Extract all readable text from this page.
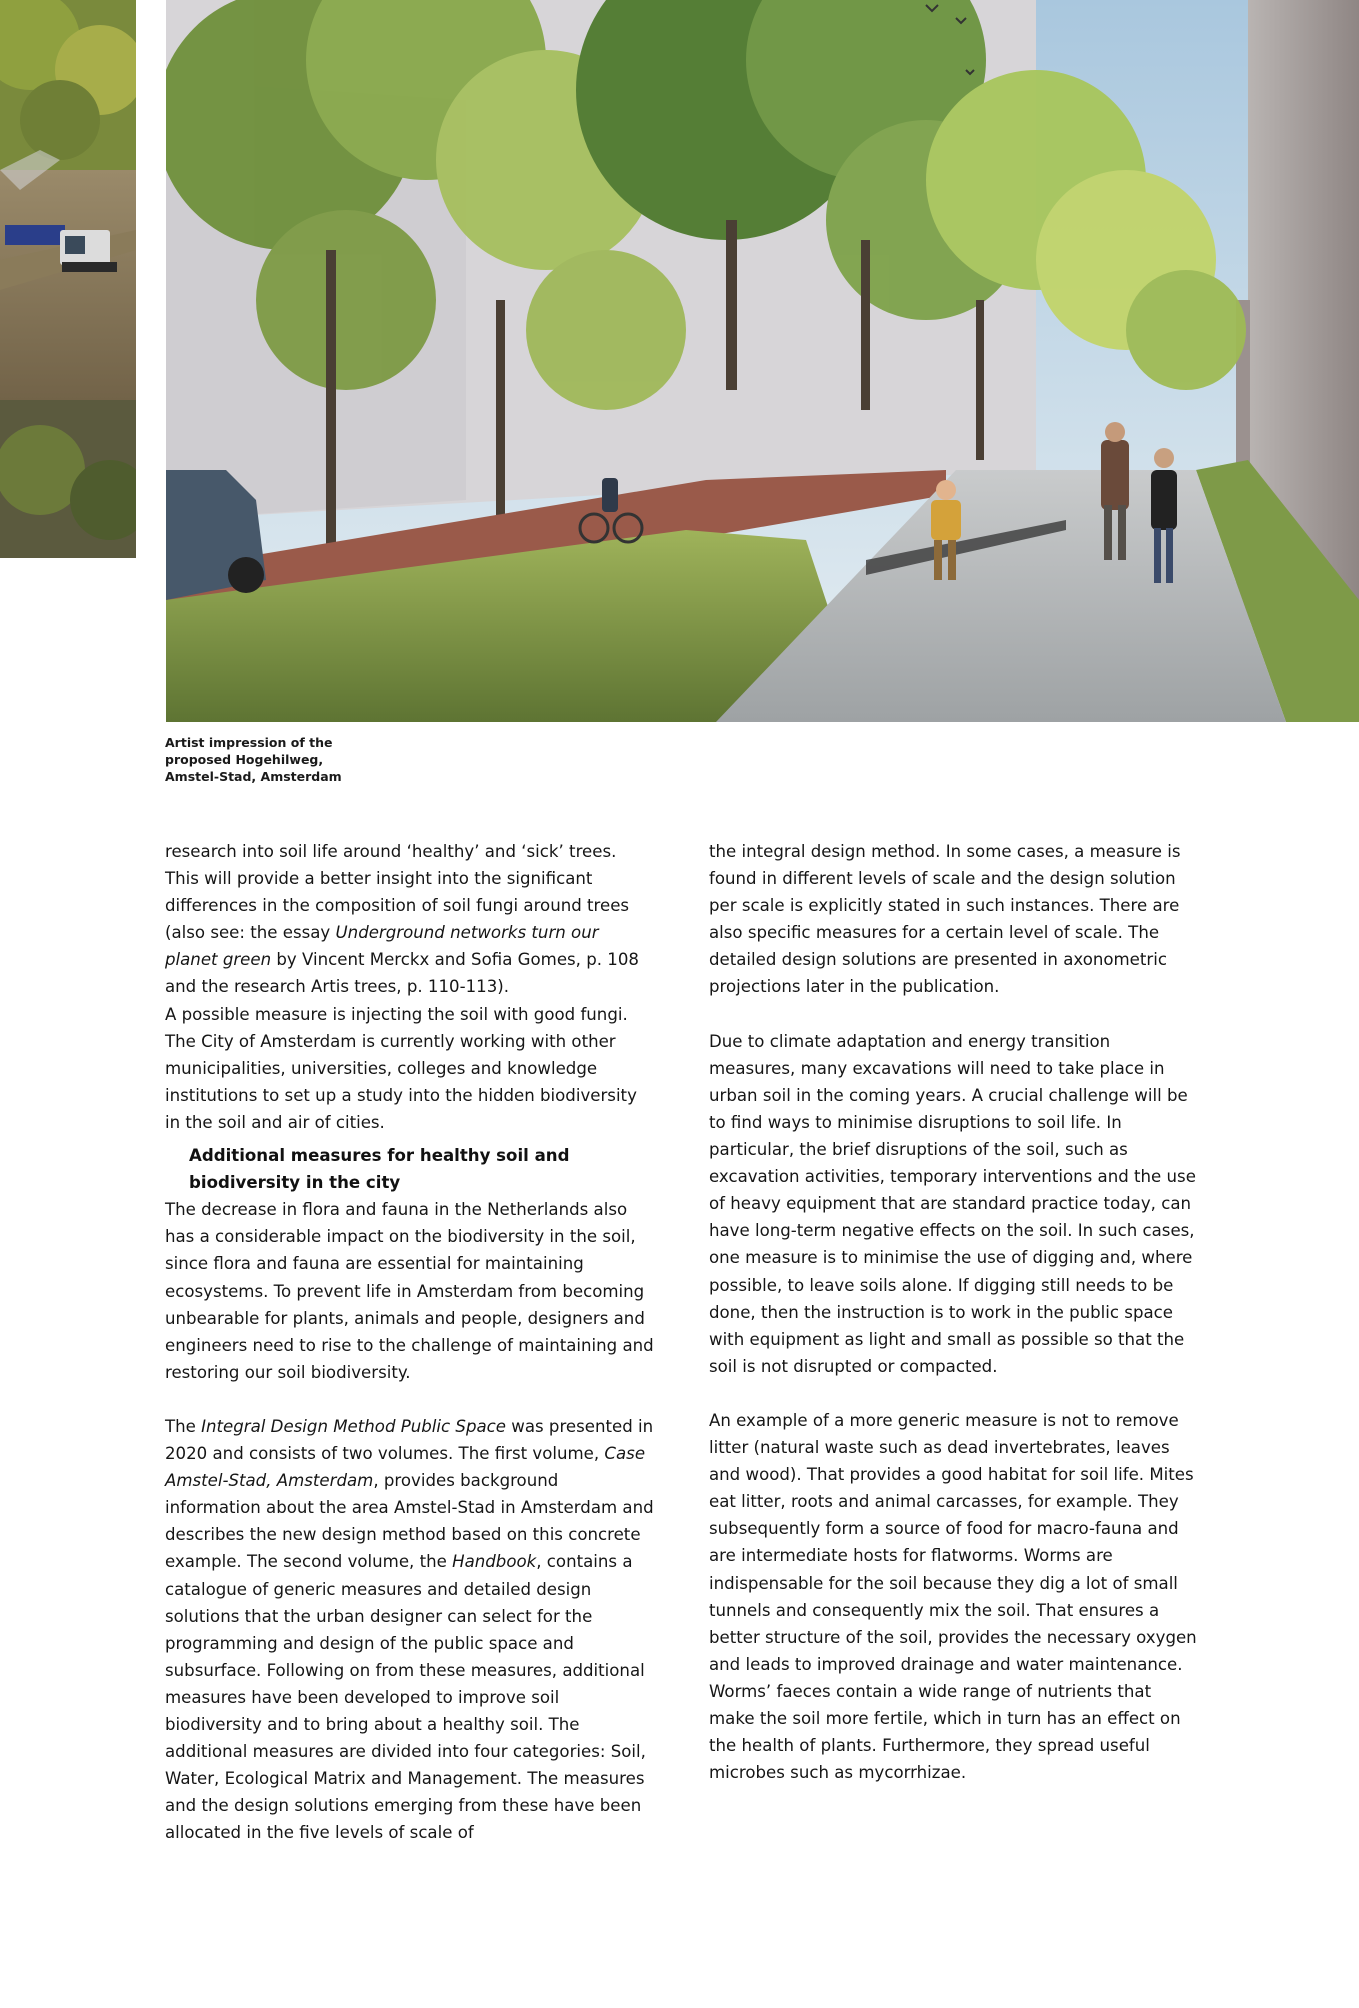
Artist impression of the
proposed Hogehilweg,
Amstel-Stad, Amsterdam

research into soil life around ‘healthy’ and ‘sick’ trees. This will provide a better insight into the significant differences in the composition of soil fungi around trees (also see: the essay Underground networks turn our planet green by Vincent Merckx and Sofia Gomes, p. 108 and the research Artis trees, p. 110-113).

A possible measure is injecting the soil with good fungi. The City of Amsterdam is currently working with other municipalities, universities, colleges and knowledge institutions to set up a study into the hidden biodiversity in the soil and air of cities.

Additional measures for healthy soil and biodiversity in the city

The decrease in flora and fauna in the Netherlands also has a considerable impact on the biodiversity in the soil, since flora and fauna are essential for maintaining ecosystems. To prevent life in Amsterdam from becoming unbearable for plants, animals and people, designers and engineers need to rise to the challenge of maintaining and restoring our soil biodiversity.

The Integral Design Method Public Space was presented in 2020 and consists of two volumes. The first volume, Case Amstel-Stad, Amsterdam, provides background information about the area Amstel-Stad in Amsterdam and describes the new design method based on this concrete example. The second volume, the Handbook, contains a catalogue of generic measures and detailed design solutions that the urban designer can select for the programming and design of the public space and subsurface. Following on from these measures, additional measures have been developed to improve soil biodiversity and to bring about a healthy soil. The additional measures are divided into four categories: Soil, Water, Ecological Matrix and Management. The measures and the design solutions emerging from these have been allocated in the five levels of scale of

the integral design method. In some cases, a measure is found in different levels of scale and the design solution per scale is explicitly stated in such instances. There are also specific measures for a certain level of scale. The detailed design solutions are presented in axonometric projections later in the publication.

Due to climate adaptation and energy transition measures, many excavations will need to take place in urban soil in the coming years. A crucial challenge will be to find ways to minimise disruptions to soil life. In particular, the brief disruptions of the soil, such as excavation activities, temporary interventions and the use of heavy equipment that are standard practice today, can have long-term negative effects on the soil. In such cases, one measure is to minimise the use of digging and, where possible, to leave soils alone. If digging still needs to be done, then the instruction is to work in the public space with equipment as light and small as possible so that the soil is not disrupted or compacted.

An example of a more generic measure is not to remove litter (natural waste such as dead invertebrates, leaves and wood). That provides a good habitat for soil life. Mites eat litter, roots and animal carcasses, for example. They subsequently form a source of food for macro-fauna and are intermediate hosts for flatworms. Worms are indispensable for the soil because they dig a lot of small tunnels and consequently mix the soil. That ensures a better structure of the soil, provides the necessary oxygen and leads to improved drainage and water maintenance. Worms’ faeces contain a wide range of nutrients that make the soil more fertile, which in turn has an effect on the health of plants. Furthermore, they spread useful microbes such as mycorrhizae.
